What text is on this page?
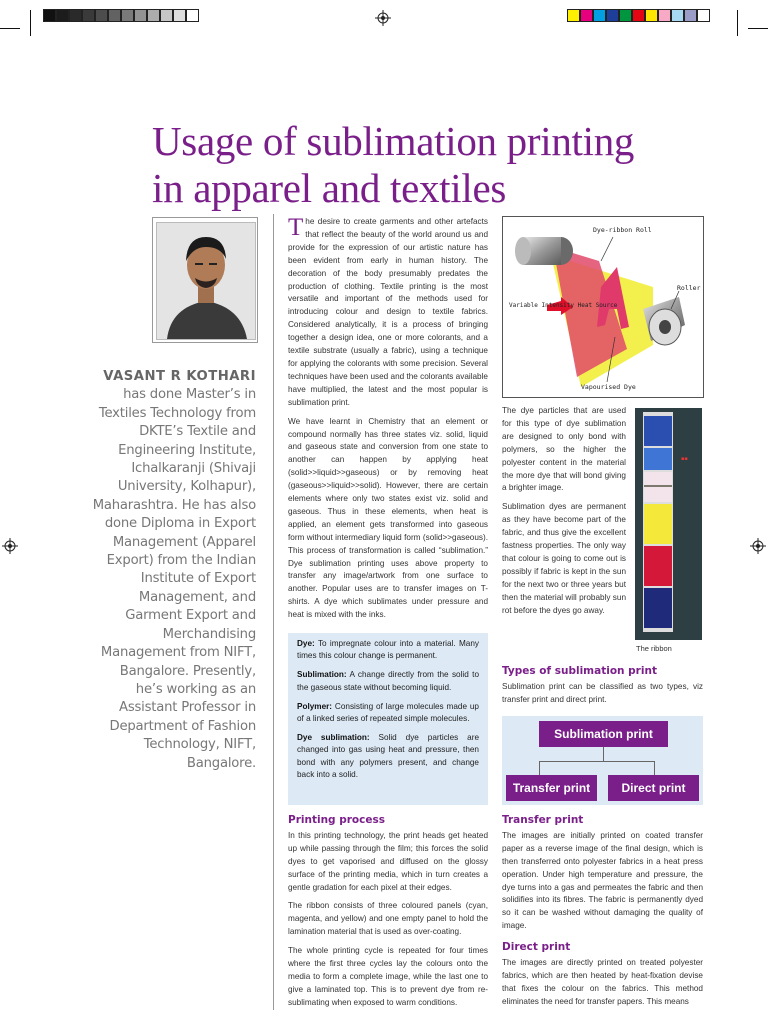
Usage of sublimation printing
in apparel and textiles
VASANT R KOTHARI has done Master’s in Textiles Technology from DKTE’s Textile and Engineering Institute, Ichalkaranji (Shivaji University, Kolhapur), Maharashtra. He has also done Diploma in Export Management (Apparel Export) from the Indian Institute of Export Management, and Garment Export and Merchandising Management from NIFT, Bangalore. Presently, he’s working as an Assistant Professor in Department of Fashion Technology, NIFT, Bangalore.

The desire to create garments and other artefacts that reflect the beauty of the world around us and provide for the expression of our artistic nature has been evident from early in human history. The decoration of the body presumably predates the production of clothing. Textile printing is the most versatile and important of the methods used for introducing colour and design to textile fabrics. Considered analytically, it is a process of bringing together a design idea, one or more colorants, and a textile substrate (usually a fabric), using a technique for applying the colorants with some precision. Several techniques have been used and the colorants available have multiplied, the latest and the most popular is sublimation print.

We have learnt in Chemistry that an element or compound normally has three states viz. solid, liquid and gaseous state and conversion from one state to another can happen by applying heat (solid>>liquid>>gaseous) or by removing heat (gaseous>>liquid>>solid). However, there are certain elements where only two states exist viz. solid and gaseous. Thus in these elements, when heat is applied, an element gets transformed into gaseous form without intermediary liquid form (solid>>gaseous). This process of transformation is called “sublimation.” Dye sublimation printing uses above property to transfer any image/artwork from one surface to another. Popular uses are to transfer images on T-shirts. A dye which sublimates under pressure and heat is mixed with the inks.

Dye: To impregnate colour into a material. Many times this colour change is permanent.

Sublimation: A change directly from the solid to the gaseous state without becoming liquid.

Polymer: Consisting of large molecules made up of a linked series of repeated simple molecules.

Dye sublimation: Solid dye particles are changed into gas using heat and pressure, then bond with any polymers present, and change back into a solid.

Printing process

In this printing technology, the print heads get heated up while passing through the film; this forces the solid dyes to get vaporised and diffused on the glossy surface of the printing media, which in turn creates a gentle gradation for each pixel at their edges.

The ribbon consists of three coloured panels (cyan, magenta, and yellow) and one empty panel to hold the lamination material that is used as over-coating.

The whole printing cycle is repeated for four times where the first three cycles lay the colours onto the media to form a complete image, while the last one to give a laminated top. This is to prevent dye from re-sublimating when exposed to warm conditions.

Dye-ribbon Roll
Roller
Variable Intensity Heat Source
Vapourised Dye

The dye particles that are used for this type of dye sublimation are designed to only bond with polymers, so the higher the polyester content in the material the more dye that will bond giving a brighter image.

Sublimation dyes are permanent as they have become part of the fabric, and thus give the excellent fastness properties. The only way that colour is going to come out is possibly if fabric is kept in the sun for the next two or three years but then the material will probably sun rot before the dyes go away.

▪▪
The ribbon
Types of sublimation print

Sublimation print can be classified as two types, viz transfer print and direct print.

Sublimation print
Transfer print	Direct print
Transfer print

The images are initially printed on coated transfer paper as a reverse image of the final design, which is then transferred onto polyester fabrics in a heat press operation. Under high temperature and pressure, the dye turns into a gas and permeates the fabric and then solidifies into its fibres. The fabric is permanently dyed so it can be washed without damaging the quality of image.

Direct print

The images are directly printed on treated polyester fabrics, which are then heated by heat-fixation devise that fixes the colour on the fabrics. This method eliminates the need for transfer papers. This means
